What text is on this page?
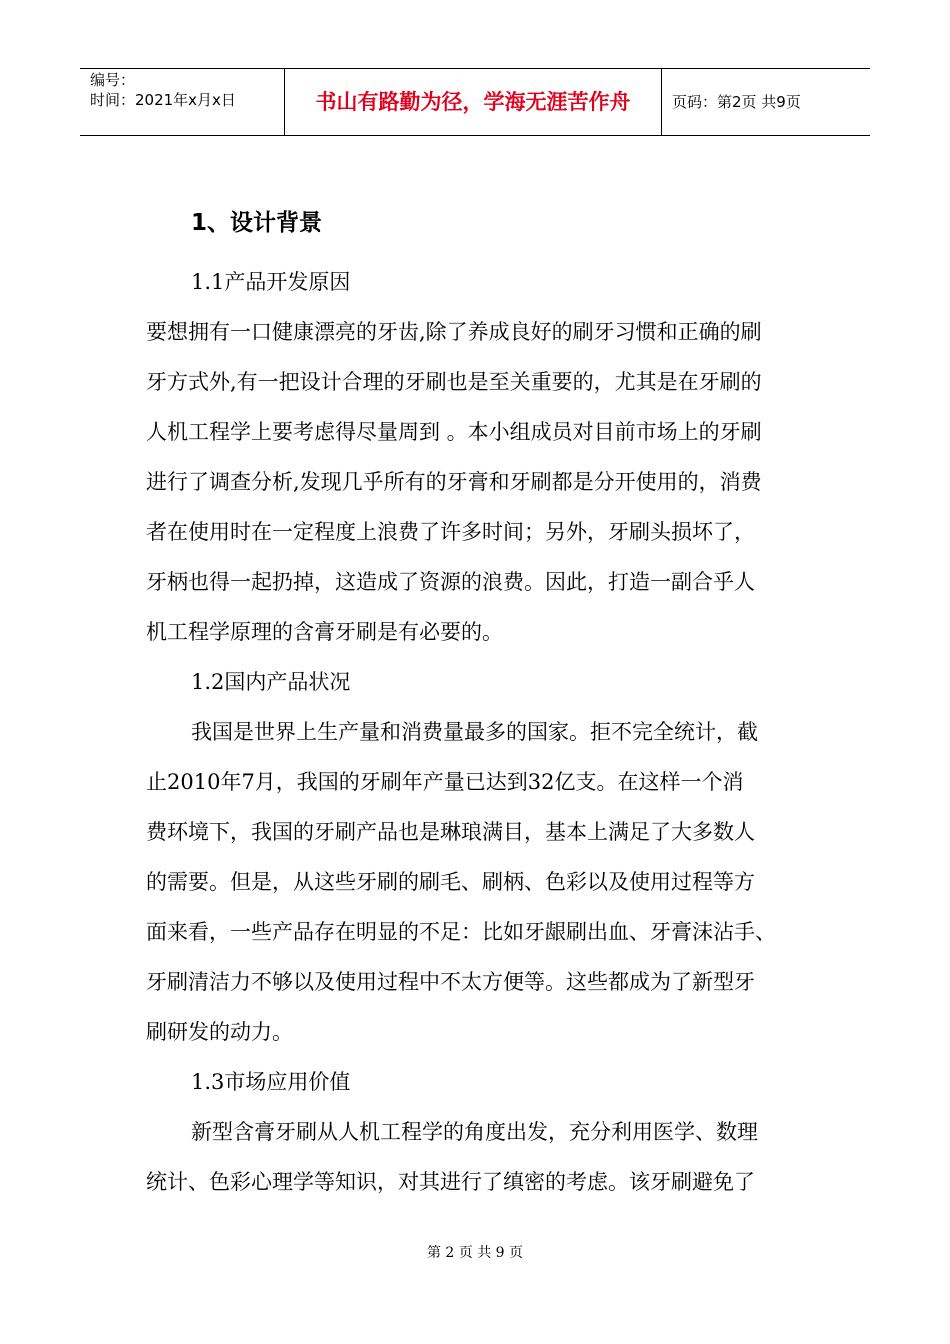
编号：
时间：2021年x月x日	书山有路勤为径，学海无涯苦作舟	页码：第2页 共9页
1、设计背景
1.1产品开发原因
要想拥有一口健康漂亮的牙齿,除了养成良好的刷牙习惯和正确的刷
牙方式外,有一把设计合理的牙刷也是至关重要的，尤其是在牙刷的
人机工程学上要考虑得尽量周到 。本小组成员对目前市场上的牙刷
进行了调查分析,发现几乎所有的牙膏和牙刷都是分开使用的，消费
者在使用时在一定程度上浪费了许多时间；另外，牙刷头损坏了，
牙柄也得一起扔掉，这造成了资源的浪费。因此，打造一副合乎人
机工程学原理的含膏牙刷是有必要的。
1.2国内产品状况
我国是世界上生产量和消费量最多的国家。拒不完全统计，截
止2010年7月，我国的牙刷年产量已达到32亿支。在这样一个消
费环境下，我国的牙刷产品也是琳琅满目，基本上满足了大多数人
的需要。但是，从这些牙刷的刷毛、刷柄、色彩以及使用过程等方
面来看，一些产品存在明显的不足：比如牙龈刷出血、牙膏沫沾手、
牙刷清洁力不够以及使用过程中不太方便等。这些都成为了新型牙
刷研发的动力。
1.3市场应用价值
新型含膏牙刷从人机工程学的角度出发，充分利用医学、数理
统计、色彩心理学等知识，对其进行了缜密的考虑。该牙刷避免了
第 2 页 共 9 页
